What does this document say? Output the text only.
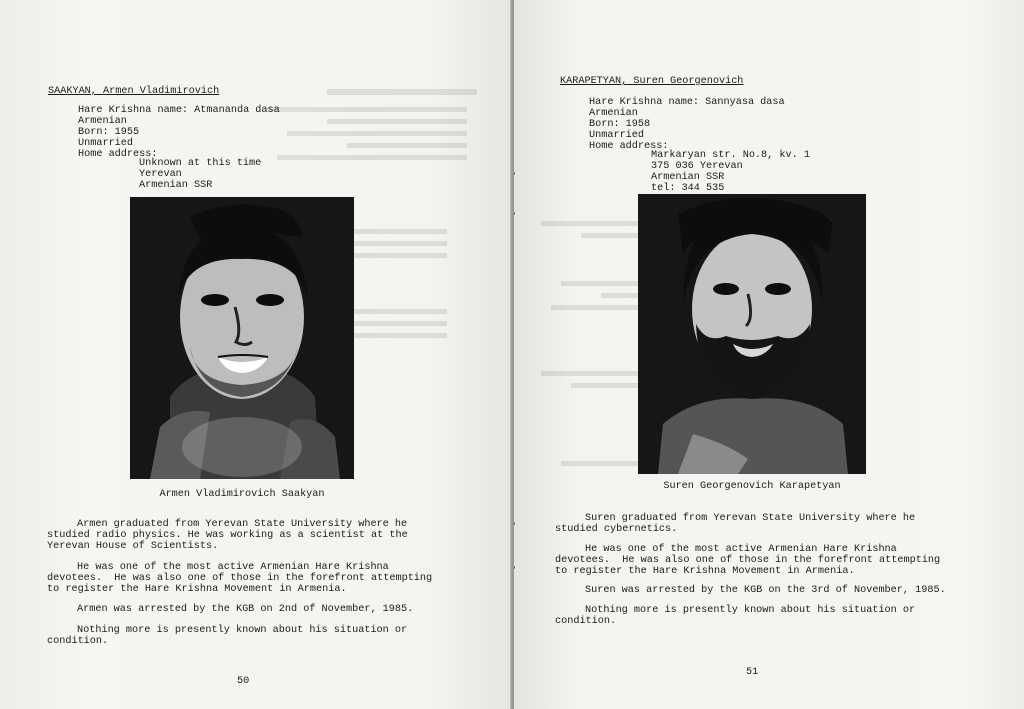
SAAKYAN, Armen Vladimirovich
Hare Krishna name: Atmananda dasa
Armenian
Born: 1955
Unmarried
Home address:
Unknown at this time
Yerevan
Armenian SSR
Armen Vladimirovich Saakyan
Armen graduated from Yerevan State University where he
studied radio physics. He was working as a scientist at the
Yerevan House of Scientists.
He was one of the most active Armenian Hare Krishna
devotees.  He was also one of those in the forefront attempting
to register the Hare Krishna Movement in Armenia.
Armen was arrested by the KGB on 2nd of November, 1985.
Nothing more is presently known about his situation or
condition.
50

KARAPETYAN, Suren Georgenovich
Hare Krishna name: Sannyasa dasa
Armenian
Born: 1958
Unmarried
Home address:
Markaryan str. No.8, kv. 1
375 036 Yerevan
Armenian SSR
tel: 344 535
Suren Georgenovich Karapetyan
Suren graduated from Yerevan State University where he
studied cybernetics.
He was one of the most active Armenian Hare Krishna
devotees.  He was also one of those in the forefront attempting
to register the Hare Krishna Movement in Armenia.
Suren was arrested by the KGB on the 3rd of November, 1985.
Nothing more is presently known about his situation or
condition.
51
